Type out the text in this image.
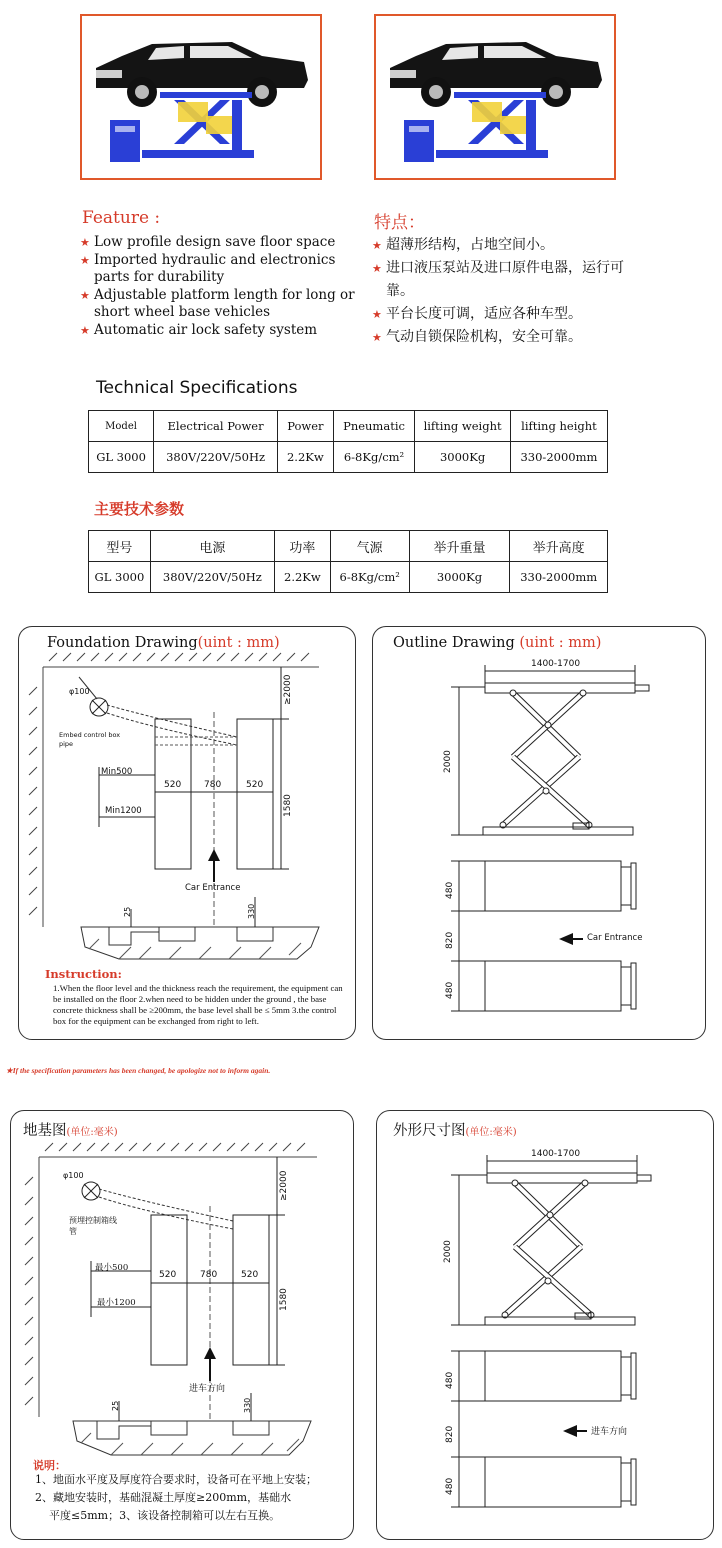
Feature :
★ Low profile design save floor space
★ Imported hydraulic and electronics parts for durability
★ Adjustable platform length for long or short wheel base vehicles
★ Automatic air lock safety system
特点：
★ 超薄形结构，占地空间小。
★ 进口液压泵站及进口原件电器，运行可靠。
★ 平台长度可调，适应各种车型。
★ 气动自锁保险机构，安全可靠。
Technical Specifications
Model	Electrical Power	Power	Pneumatic	lifting weight	lifting height
GL 3000	380V/220V/50Hz	2.2Kw	6-8Kg/cm²	3000Kg	330-2000mm
主要技术参数
型号	电源	功率	气源	举升重量	举升高度
GL 3000	380V/220V/50Hz	2.2Kw	6-8Kg/cm²	3000Kg	330-2000mm
Foundation Drawing(uint : mm)
φ100
Embed control box pipe
Min500
Min1200
520	780	520
≥2000
1580
Car Entrance
25	330
Instruction:
1.When the floor level and the thickness reach the requirement, the equipment can be installed on the floor 2.when need to be hidden under the ground , the base concrete thickness shall be ≥200mm, the base level shall be ≤ 5mm 3.the control box for the equipment can be exchanged from right to left.
Outline Drawing (uint : mm)
1400-1700
2000
480
820
480
Car Entrance
★If the specification parameters has been changed, be apologize not to inform again.
地基图(单位:毫米)
φ100
预埋控制箱线管
最小500
最小1200
520	780	520
≥2000
1580
进车方向
25	330
说明：
1、地面水平度及厚度符合要求时，设备可在平地上安装；
2、藏地安装时，基础混凝土厚度≥200mm，基础水
平度≤5mm；3、该设备控制箱可以左右互换。
外形尺寸图(单位:毫米)
1400-1700
2000
480
820
480
进车方向
